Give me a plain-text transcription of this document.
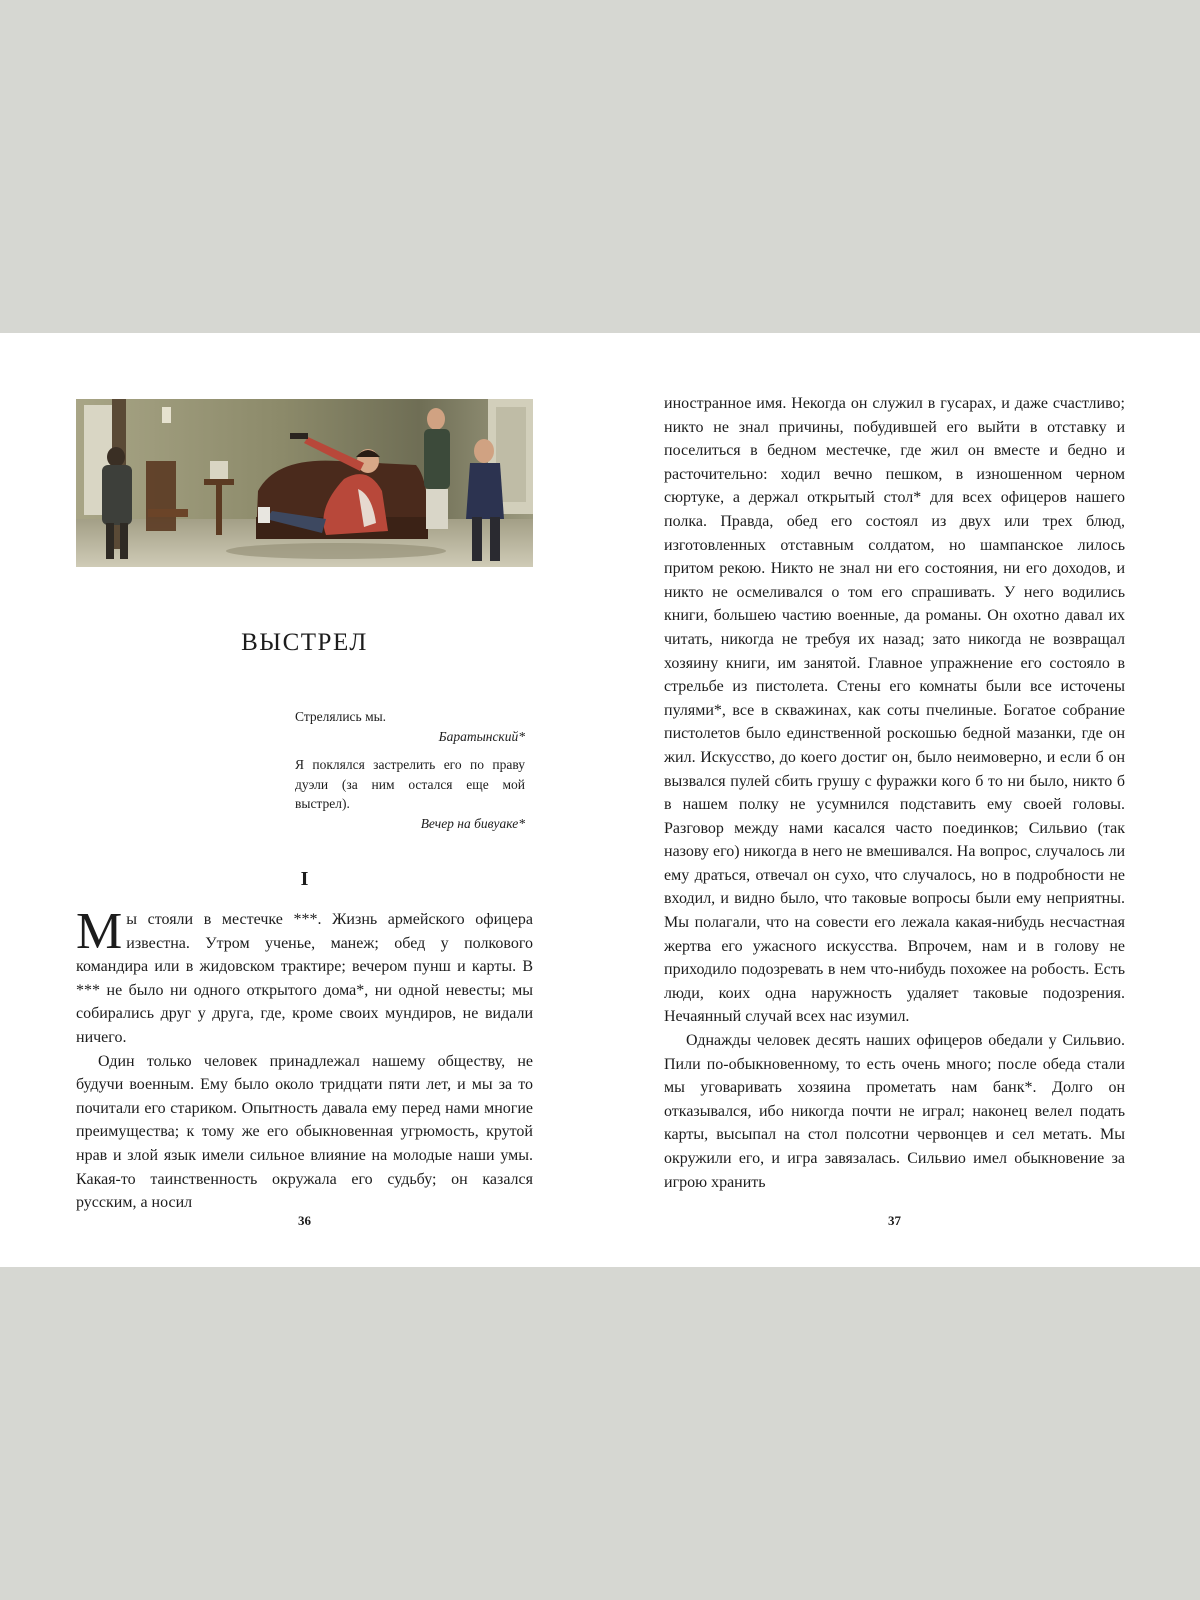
ВЫСТРЕЛ
Стрелялись мы.
Баратынский*
Я поклялся застрелить его по праву дуэли (за ним остался еще мой выстрел).
Вечер на бивуаке*
I

Мы стояли в местечке ***. Жизнь армейского офицера известна. Утром ученье, манеж; обед у полкового командира или в жидовском трактире; вечером пунш и карты. В *** не было ни одного открытого дома*, ни одной невесты; мы собирались друг у друга, где, кроме своих мундиров, не видали ничего.

Один только человек принадлежал нашему обществу, не будучи военным. Ему было около тридцати пяти лет, и мы за то почитали его стариком. Опытность давала ему перед нами многие преимущества; к тому же его обыкновенная угрюмость, крутой нрав и злой язык имели сильное влияние на молодые наши умы. Какая-то таинственность окружала его судьбу; он казался русским, а носил

36

иностранное имя. Некогда он служил в гусарах, и даже счастливо; никто не знал причины, побудившей его выйти в отставку и поселиться в бедном местечке, где жил он вместе и бедно и расточительно: ходил вечно пешком, в изношенном черном сюртуке, а держал открытый стол* для всех офицеров нашего полка. Правда, обед его состоял из двух или трех блюд, изготовленных отставным солдатом, но шампанское лилось притом рекою. Никто не знал ни его состояния, ни его доходов, и никто не осмеливался о том его спрашивать. У него водились книги, большею частию военные, да романы. Он охотно давал их читать, никогда не требуя их назад; зато никогда не возвращал хозяину книги, им занятой. Главное упражнение его состояло в стрельбе из пистолета. Стены его комнаты были все источены пулями*, все в скважинах, как соты пчелиные. Богатое собрание пистолетов было единственной роскошью бедной мазанки, где он жил. Искусство, до коего достиг он, было неимоверно, и если б он вызвался пулей сбить грушу с фуражки кого б то ни было, никто б в нашем полку не усумнился подставить ему своей головы. Разговор между нами касался часто поединков; Сильвио (так назову его) никогда в него не вмешивался. На вопрос, случалось ли ему драться, отвечал он сухо, что случалось, но в подробности не входил, и видно было, что таковые вопросы были ему неприятны. Мы полагали, что на совести его лежала какая-нибудь несчастная жертва его ужасного искусства. Впрочем, нам и в голову не приходило подозревать в нем что-нибудь похожее на робость. Есть люди, коих одна наружность удаляет таковые подозрения. Нечаянный случай всех нас изумил.

Однажды человек десять наших офицеров обедали у Сильвио. Пили по-обыкновенному, то есть очень много; после обеда стали мы уговаривать хозяина прометать нам банк*. Долго он отказывался, ибо никогда почти не играл; наконец велел подать карты, высыпал на стол полсотни червонцев и сел метать. Мы окружили его, и игра завязалась. Сильвио имел обыкновение за игрою хранить

37
